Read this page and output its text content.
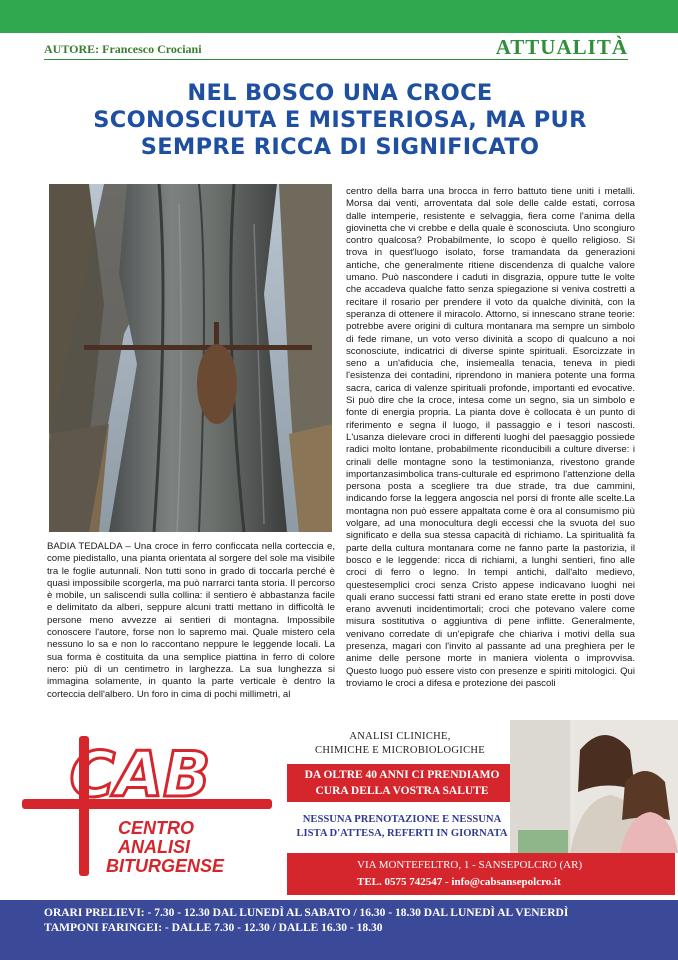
AUTORE: Francesco Crociani	ATTUALITÀ
NEL BOSCO UNA CROCE
SCONOSCIUTA E MISTERIOSA, MA PUR
SEMPRE RICCA DI SIGNIFICATO
BADIA TEDALDA – Una croce in ferro conficcata nella corteccia e, come piedistallo, una pianta orientata al sorgere del sole ma visibile tra le foglie autunnali. Non tutti sono in grado di toccarla perché è quasi impossibile scorgerla, ma può narrarci tanta storia. Il percorso è mobile, un saliscendi sulla collina: il sentiero è abbastanza facile e delimitato da alberi, seppure alcuni tratti mettano in difficoltà le persone meno avvezze ai sentieri di montagna. Impossibile conoscere l'autore, forse non lo sapremo mai. Quale mistero cela nessuno lo sa e non lo raccontano neppure le leggende locali. La sua forma è costituita da una semplice piattina in ferro di colore nero: più di un centimetro in larghezza. La sua lunghezza si immagina solamente, in quanto la parte verticale è dentro la corteccia dell'albero. Un foro in cima di pochi millimetri, al
centro della barra una brocca in ferro battuto tiene uniti i metalli. Morsa dai venti, arroventata dal sole delle calde estati, corrosa dalle intemperie, resistente e selvaggia, fiera come l'anima della giovinetta che vi crebbe e della quale è sconosciuta. Uno scongiuro contro qualcosa? Probabilmente, lo scopo è quello religioso. Si trova in quest'luogo isolato, forse tramandata da generazioni antiche, che generalmente ritiene discendenza di qualche valore umano. Può nascondere i caduti in disgrazia, oppure tutte le volte che accadeva qualche fatto senza spiegazione si veniva costretti a recitare il rosario per prendere il voto da qualche divinità, con la speranza di ottenere il miracolo. Attorno, si innescano strane teorie: potrebbe avere origini di cultura montanara ma sempre un simbolo di fede rimane, un voto verso divinità a scopo di qualcuno a noi sconosciute, indicatrici di diverse spinte spirituali. Esorcizzate in seno a un'afiducia che, insiemealla tenacia, teneva in piedi l'esistenza dei contadini, riprendono in maniera potente una forma sacra, carica di valenze spirituali profonde, importanti ed evocative. Si può dire che la croce, intesa come un segno, sia un simbolo e fonte di energia propria. La pianta dove è collocata è un punto di riferimento e segna il luogo, il passaggio e i tesori nascosti. L'usanza dielevare croci in differenti luoghi del paesaggio possiede radici molto lontane, probabilmente riconducibili a culture diverse: i crinali delle montagne sono la testimonianza, rivestono grande importanzasimbolica trans-culturale ed esprimono l'attenzione della persona posta a scegliere tra due strade, tra due cammini, indicando forse la leggera angoscia nel porsi di fronte alle scelte.La montagna non può essere appaltata come è ora al consumismo più volgare, ad una monocultura degli eccessi che la svuota del suo significato e della sua stessa capacità di richiamo. La spiritualità fa parte della cultura montanara come ne fanno parte la pastorizia, il bosco e le leggende: ricca di richiami, a lunghi sentieri, fino alle croci di ferro o legno. In tempi antichi, dall'alto medievo, questesemplici croci senza Cristo appese indicavano luoghi nei quali erano successi fatti strani ed erano state erette in posti dove erano avvenuti incidentimortali; croci che potevano valere come misura sostitutiva o aggiuntiva di pene inflitte. Generalmente, venivano corredate di un'epigrafe che chiariva i motivi della sua presenza, magari con l'invito al passante ad una preghiera per le anime delle persone morte in maniera violenta o improvvisa. Questo luogo può essere visto con presenze e spiriti mitologici. Qui troviamo le croci a difesa e protezione dei pascoli
CAB
CENTRO
ANALISI
BITURGENSE
ANALISI CLINICHE,
CHIMICHE E MICROBIOLOGICHE
DA OLTRE 40 ANNI CI PRENDIAMO
CURA DELLA VOSTRA SALUTE
NESSUNA PRENOTAZIONE E NESSUNA
LISTA D'ATTESA, REFERTI IN GIORNATA
VIA MONTEFELTRO, 1 - SANSEPOLCRO (AR)
TEL. 0575 742547 - info@cabsansepolcro.it
ORARI PRELIEVI: - 7.30 - 12.30 DAL LUNEDÌ AL SABATO / 16.30 - 18.30 DAL LUNEDÌ AL VENERDÌ
TAMPONI FARINGEI: - DALLE 7.30 - 12.30 / DALLE 16.30 - 18.30
